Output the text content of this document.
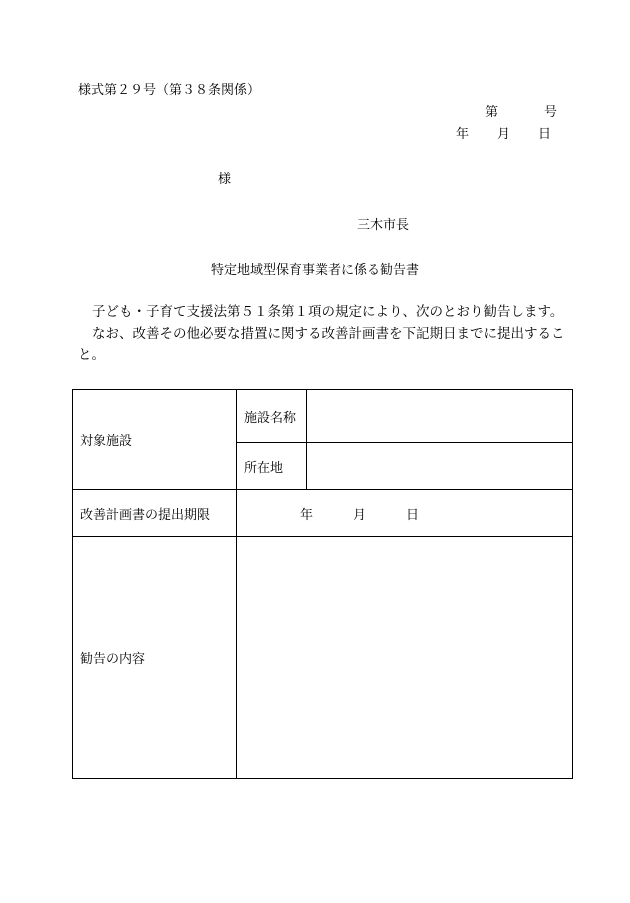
様式第２９号（第３８条関係）
第	号
年 月 日
様
三木市長
特定地域型保育事業者に係る勧告書
子ども・子育て支援法第５１条第１項の規定により、次のとおり勧告します。
なお、改善その他必要な措置に関する改善計画書を下記期日までに提出すること。
対象施設	施設名称	
	所在地	
改善計画書の提出期限	年 月 日	
勧告の内容		
